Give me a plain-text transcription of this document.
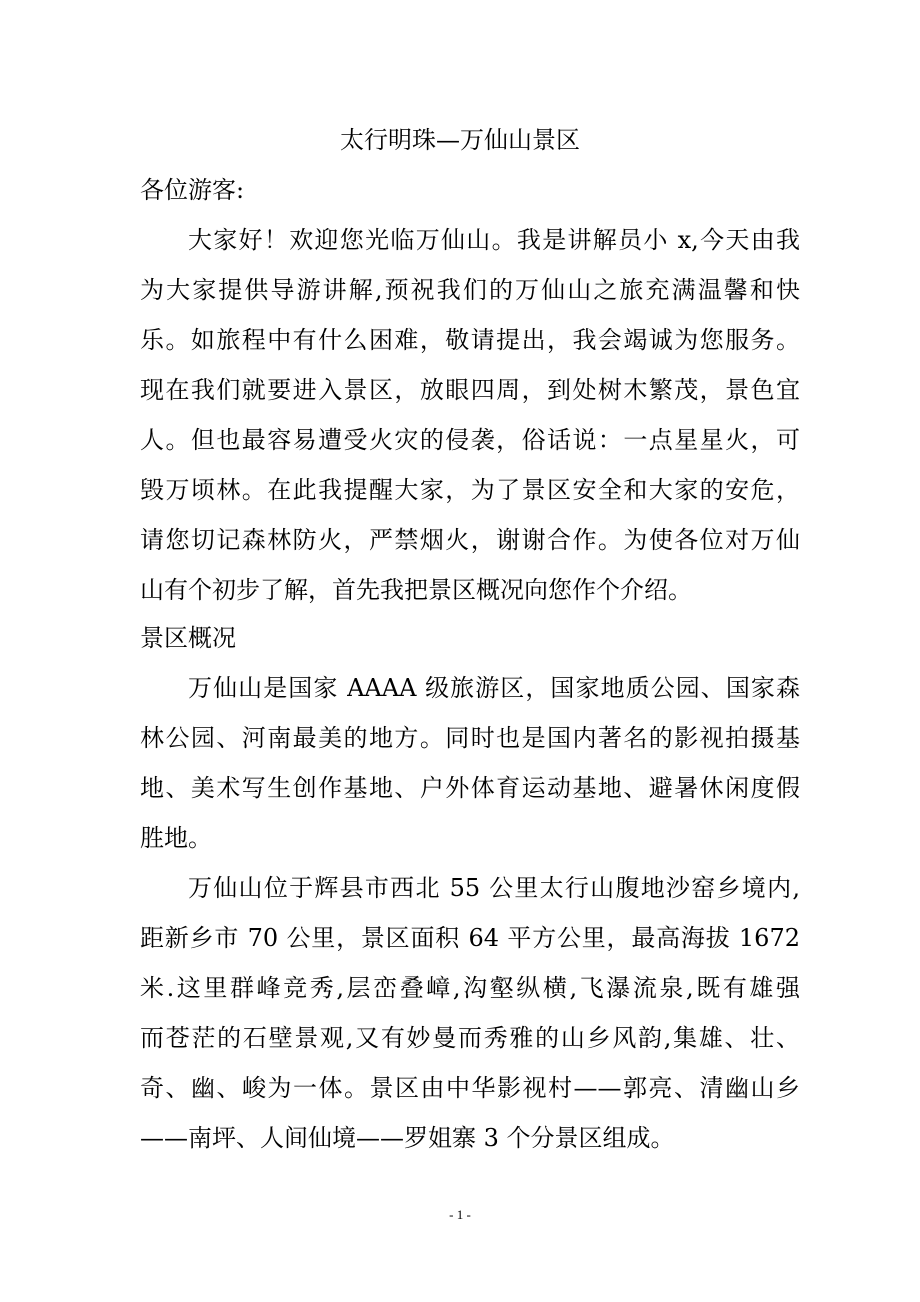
太行明珠—万仙山景区
各位游客:
大家好！欢迎您光临万仙山。我是讲解员小 x,今天由我
为大家提供导游讲解,预祝我们的万仙山之旅充满温馨和快
乐。如旅程中有什么困难，敬请提出，我会竭诚为您服务。
现在我们就要进入景区，放眼四周，到处树木繁茂，景色宜
人。但也最容易遭受火灾的侵袭，俗话说：一点星星火，可
毁万顷林。在此我提醒大家，为了景区安全和大家的安危，
请您切记森林防火，严禁烟火，谢谢合作。为使各位对万仙
山有个初步了解，首先我把景区概况向您作个介绍。
景区概况
万仙山是国家 AAAA 级旅游区，国家地质公园、国家森
林公园、河南最美的地方。同时也是国内著名的影视拍摄基
地、美术写生创作基地、户外体育运动基地、避暑休闲度假
胜地。
万仙山位于辉县市西北 55 公里太行山腹地沙窑乡境内,
距新乡市 70 公里，景区面积 64 平方公里，最高海拔 1672
米.这里群峰竞秀,层峦叠嶂,沟壑纵横,飞瀑流泉,既有雄强
而苍茫的石壁景观,又有妙曼而秀雅的山乡风韵,集雄、壮、
奇、幽、峻为一体。景区由中华影视村——郭亮、清幽山乡
——南坪、人间仙境——罗姐寨 3 个分景区组成。
- 1 -
